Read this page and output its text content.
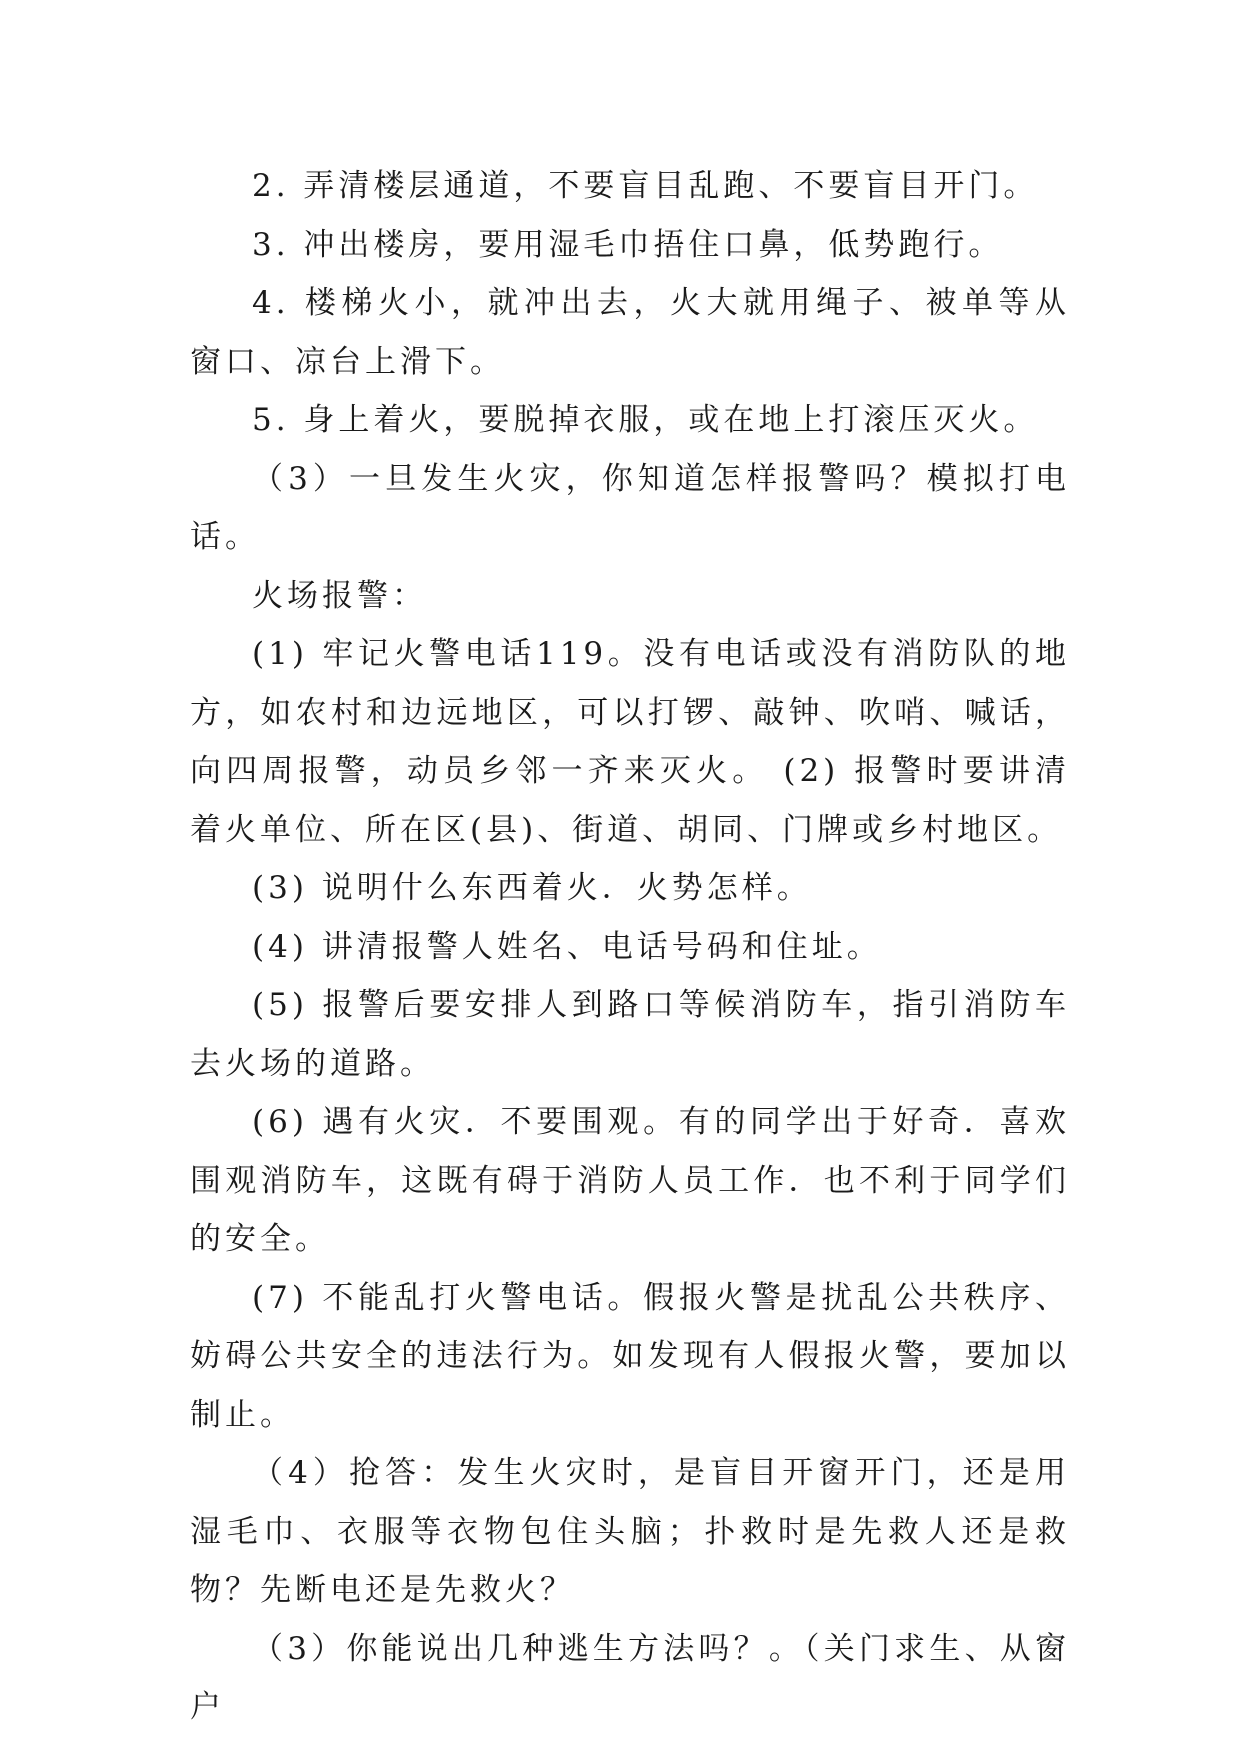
2. 弄清楼层通道，不要盲目乱跑、不要盲目开门。

3. 冲出楼房，要用湿毛巾捂住口鼻，低势跑行。

4. 楼梯火小，就冲出去，火大就用绳子、被单等从窗口、凉台上滑下。

5. 身上着火，要脱掉衣服，或在地上打滚压灭火。

（3）一旦发生火灾，你知道怎样报警吗？模拟打电话。

火场报警：

(1) 牢记火警电话119。没有电话或没有消防队的地方，如农村和边远地区，可以打锣、敲钟、吹哨、喊话，向四周报警，动员乡邻一齐来灭火。 (2) 报警时要讲清着火单位、所在区(县)、街道、胡同、门牌或乡村地区。

(3) 说明什么东西着火．火势怎样。

(4) 讲清报警人姓名、电话号码和住址。

(5) 报警后要安排人到路口等候消防车，指引消防车去火场的道路。

(6) 遇有火灾．不要围观。有的同学出于好奇．喜欢围观消防车，这既有碍于消防人员工作．也不利于同学们的安全。

(7) 不能乱打火警电话。假报火警是扰乱公共秩序、妨碍公共安全的违法行为。如发现有人假报火警，要加以制止。

（4）抢答：发生火灾时，是盲目开窗开门，还是用湿毛巾、衣服等衣物包住头脑；扑救时是先救人还是救物？先断电还是先救火？

（3）你能说出几种逃生方法吗？。（关门求生、从窗户
